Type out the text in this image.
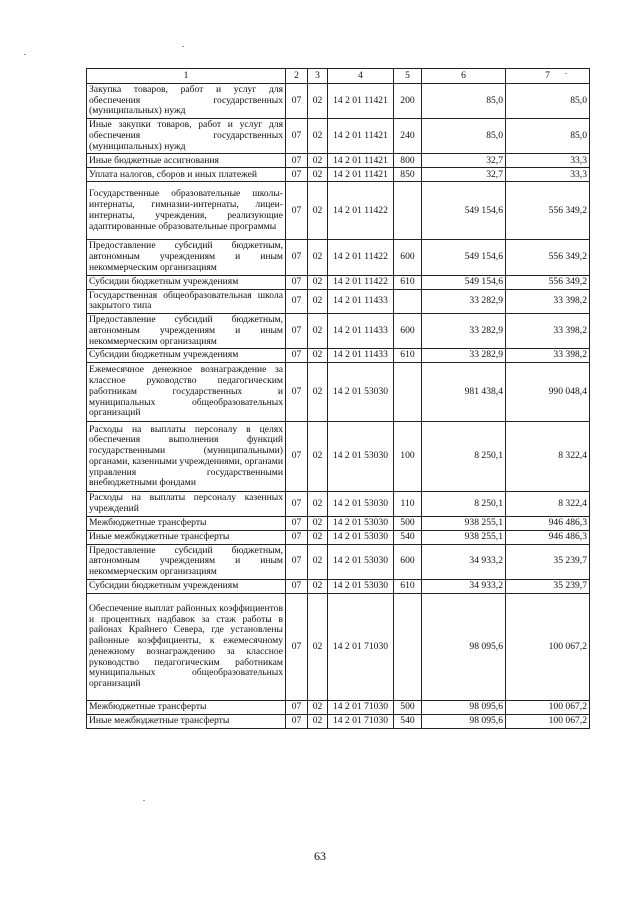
1	2	3	4	5	6	7
Закупка товаров, работ и услуг для обеспечения государственных (муниципальных) нужд	07	02	14 2 01 11421	200	85,0	85,0
Иные закупки товаров, работ и услуг для обеспечения государственных (муниципальных) нужд	07	02	14 2 01 11421	240	85,0	85,0
Иные бюджетные ассигнования	07	02	14 2 01 11421	800	32,7	33,3
Уплата налогов, сборов и иных платежей	07	02	14 2 01 11421	850	32,7	33,3
Государственные образовательные школы-интернаты, гимназии-интернаты, лицеи-интернаты, учреждения, реализующие адаптированные образовательные программы	07	02	14 2 01 11422		549 154,6	556 349,2
Предоставление субсидий бюджетным, автономным учреждениям и иным некоммерческим организациям	07	02	14 2 01 11422	600	549 154,6	556 349,2
Субсидии бюджетным учреждениям	07	02	14 2 01 11422	610	549 154,6	556 349,2
Государственная общеобразовательная школа закрытого типа	07	02	14 2 01 11433		33 282,9	33 398,2
Предоставление субсидий бюджетным, автономным учреждениям и иным некоммерческим организациям	07	02	14 2 01 11433	600	33 282,9	33 398,2
Субсидии бюджетным учреждениям	07	02	14 2 01 11433	610	33 282,9	33 398,2
Ежемесячное денежное вознаграждение за классное руководство педагогическим работникам государственных и муниципальных общеобразовательных организаций	07	02	14 2 01 53030		981 438,4	990 048,4
Расходы на выплаты персоналу в целях обеспечения выполнения функций государственными (муниципальными) органами, казенными учреждениями, органами управления государственными внебюджетными фондами	07	02	14 2 01 53030	100	8 250,1	8 322,4
Расходы на выплаты персоналу казенных учреждений	07	02	14 2 01 53030	110	8 250,1	8 322,4
Межбюджетные трансферты	07	02	14 2 01 53030	500	938 255,1	946 486,3
Иные межбюджетные трансферты	07	02	14 2 01 53030	540	938 255,1	946 486,3
Предоставление субсидий бюджетным, автономным учреждениям и иным некоммерческим организациям	07	02	14 2 01 53030	600	34 933,2	35 239,7
Субсидии бюджетным учреждениям	07	02	14 2 01 53030	610	34 933,2	35 239,7
Обеспечение выплат районных коэффициентов и процентных надбавок за стаж работы в районах Крайнего Севера, где установлены районные коэффициенты, к ежемесячному денежному вознаграждению за классное руководство педагогическим работникам муниципальных общеобразовательных организаций	07	02	14 2 01 71030		98 095,6	100 067,2
Межбюджетные трансферты	07	02	14 2 01 71030	500	98 095,6	100 067,2
Иные межбюджетные трансферты	07	02	14 2 01 71030	540	98 095,6	100 067,2
63
